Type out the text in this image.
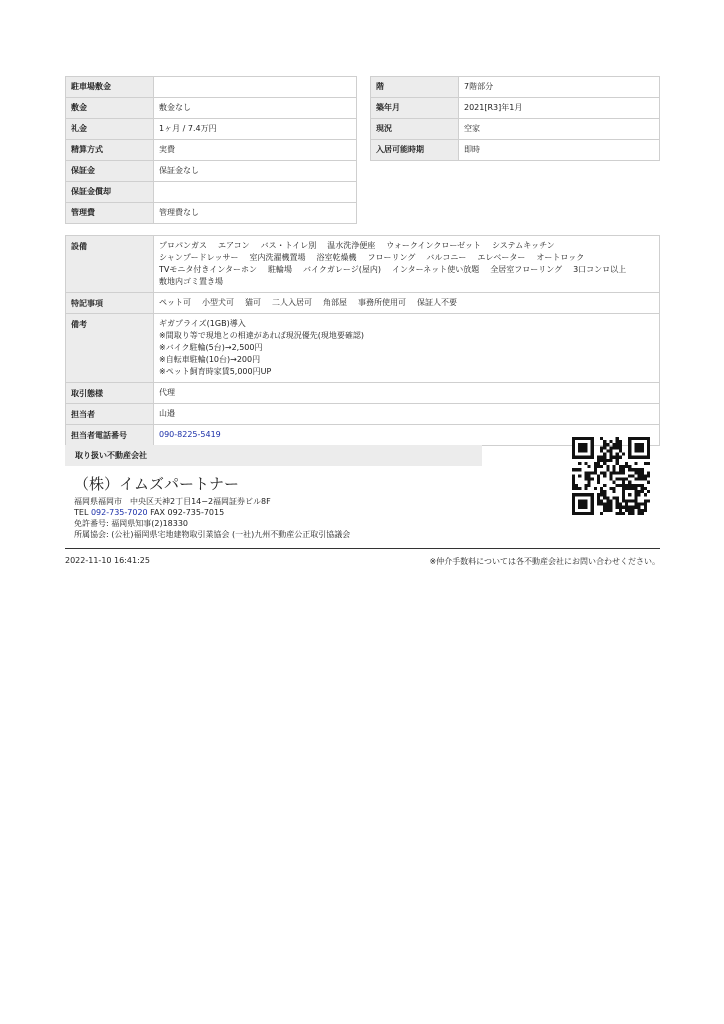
駐車場敷金	
敷金	敷金なし
礼金	1ヶ月 / 7.4万円
精算方式	実費
保証金	保証金なし
保証金償却	
管理費	管理費なし
階	7階部分
築年月	2021[R3]年1月
現況	空家
入居可能時期	即時
設備	プロパンガス エアコン バス・トイレ別 温水洗浄便座 ウォークインクローゼット システムキッチンシャンプードレッサー 室内洗濯機置場 浴室乾燥機 フローリング バルコニー エレベーター オートロックTVモニタ付きインターホン 駐輪場 バイクガレージ(屋内) インターネット使い放題 全居室フローリング 3口コンロ以上敷地内ゴミ置き場
特記事項	ペット可 小型犬可 猫可 二人入居可 角部屋 事務所使用可 保証人不要
備考	ギガプライズ(1GB)導入
※間取り等で現地との相違があれば現況優先(現地要確認)
※バイク駐輪(5台)→2,500円
※自転車駐輪(10台)→200円
※ペット飼育時家賃5,000円UP

取引態様	代理
担当者	山邉
担当者電話番号	090-8225-5419
取り扱い不動産会社
（株）イムズパートナー
福岡県福岡市　中央区天神2丁目14−2福岡証券ビル8F
TEL 092-735-7020 FAX 092-735-7015
免許番号: 福岡県知事(2)18330
所属協会: (公社)福岡県宅地建物取引業協会 (一社)九州不動産公正取引協議会
2022-11-10 16:41:25	※仲介手数料については各不動産会社にお問い合わせください。
